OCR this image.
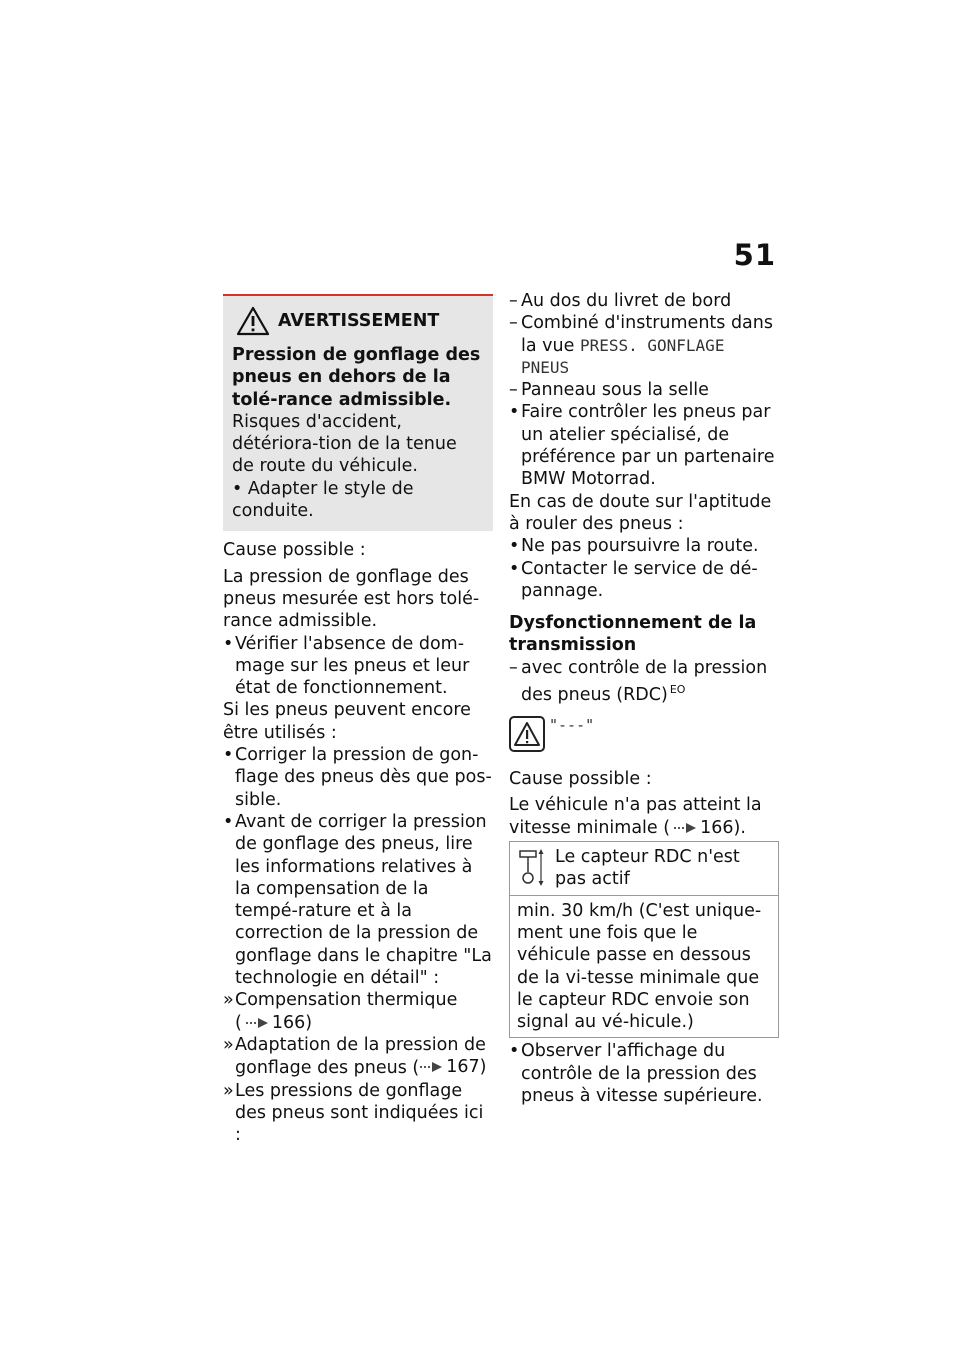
51
AVERTISSEMENT

Pression de gonflage des pneus en dehors de la tolé-rance admissible.

Risques d'accident, détériora-tion de la tenue de route du véhicule.

• Adapter le style de conduite.

Cause possible :

La pression de gonflage des pneus mesurée est hors tolé-rance admissible.

• Vérifier l'absence de dom-mage sur les pneus et leur état de fonctionnement.

Si les pneus peuvent encore être utilisés :

• Corriger la pression de gon-flage des pneus dès que pos-sible.
• Avant de corriger la pression de gonflage des pneus, lire les informations relatives à la compensation de la tempé-rature et à la correction de la pression de gonflage dans le chapitre "La technologie en détail" :
» Compensation thermique
( 166)
» Adaptation de la pression de gonflage des pneus ( 167)
» Les pressions de gonflage des pneus sont indiquées ici :
– Au dos du livret de bord
– Combiné d'instruments dans la vue PRESS. GONFLAGE PNEUS
– Panneau sous la selle
• Faire contrôler les pneus par un atelier spécialisé, de préférence par un partenaire BMW Motorrad.

En cas de doute sur l'aptitude à rouler des pneus :

• Ne pas poursuivre la route.
• Contacter le service de dé-pannage.

Dysfonctionnement de la transmission

– avec contrôle de la pression des pneus (RDC) $^{EO}$
"---"

Cause possible :

Le véhicule n'a pas atteint la vitesse minimale ( 166).

Le capteur RDC n'est pas actif

min. 30 km/h (C'est unique-ment une fois que le véhicule passe en dessous de la vi-tesse minimale que le capteur RDC envoie son signal au vé-hicule.)
• Observer l'affichage du contrôle de la pression des pneus à vitesse supérieure.
